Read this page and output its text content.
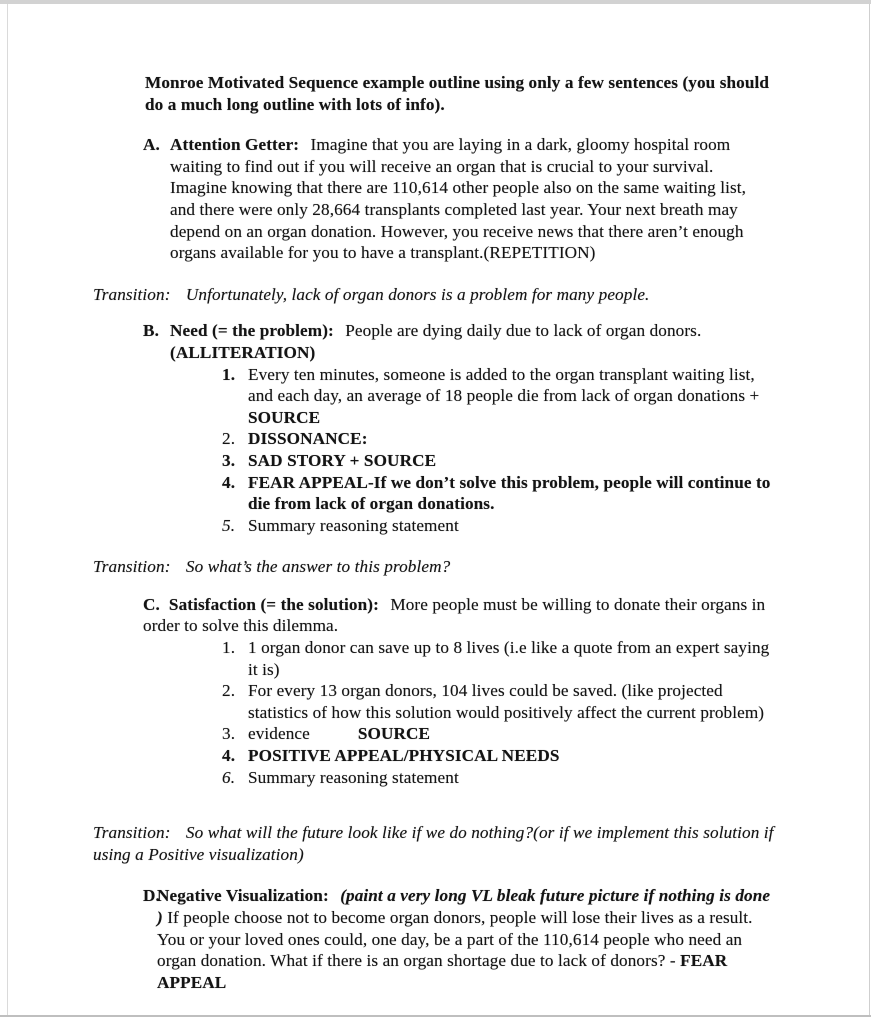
Monroe Motivated Sequence example outline using only a few sentences (you should do a much long outline with lots of info).

A. Attention Getter: Imagine that you are laying in a dark, gloomy hospital room waiting to find out if you will receive an organ that is crucial to your survival. Imagine knowing that there are 110,614 other people also on the same waiting list, and there were only 28,664 transplants completed last year. Your next breath may depend on an organ donation. However, you receive news that there aren’t enough organs available for you to have a transplant.(REPETITION)

Transition: Unfortunately, lack of organ donors is a problem for many people.

B. Need (= the problem): People are dying daily due to lack of organ donors.
(ALLITERATION)

1. Every ten minutes, someone is added to the organ transplant waiting list, and each day, an average of 18 people die from lack of organ donations +
SOURCE
2. DISSONANCE:
3. SAD STORY + SOURCE
4. FEAR APPEAL-If we don’t solve this problem, people will continue to die from lack of organ donations.
5. Summary reasoning statement

Transition: So what’s the answer to this problem?

C. Satisfaction (= the solution): More people must be willing to donate their organs in order to solve this dilemma.

1. 1 organ donor can save up to 8 lives (i.e like a quote from an expert saying it is)
2. For every 13 organ donors, 104 lives could be saved. (like projected statistics of how this solution would positively affect the current problem)
3. evidence	SOURCE
4. POSITIVE APPEAL/PHYSICAL NEEDS
6. Summary reasoning statement

Transition: So what will the future look like if we do nothing?(or if we implement this solution if using a Positive visualization)

D.
Negative Visualization: (paint a very long VL bleak future picture if nothing is done ) If people choose not to become organ donors, people will lose their lives as a result. You or your loved ones could, one day, be a part of the 110,614 people who need an organ donation. What if there is an organ shortage due to lack of donors? - FEAR APPEAL
